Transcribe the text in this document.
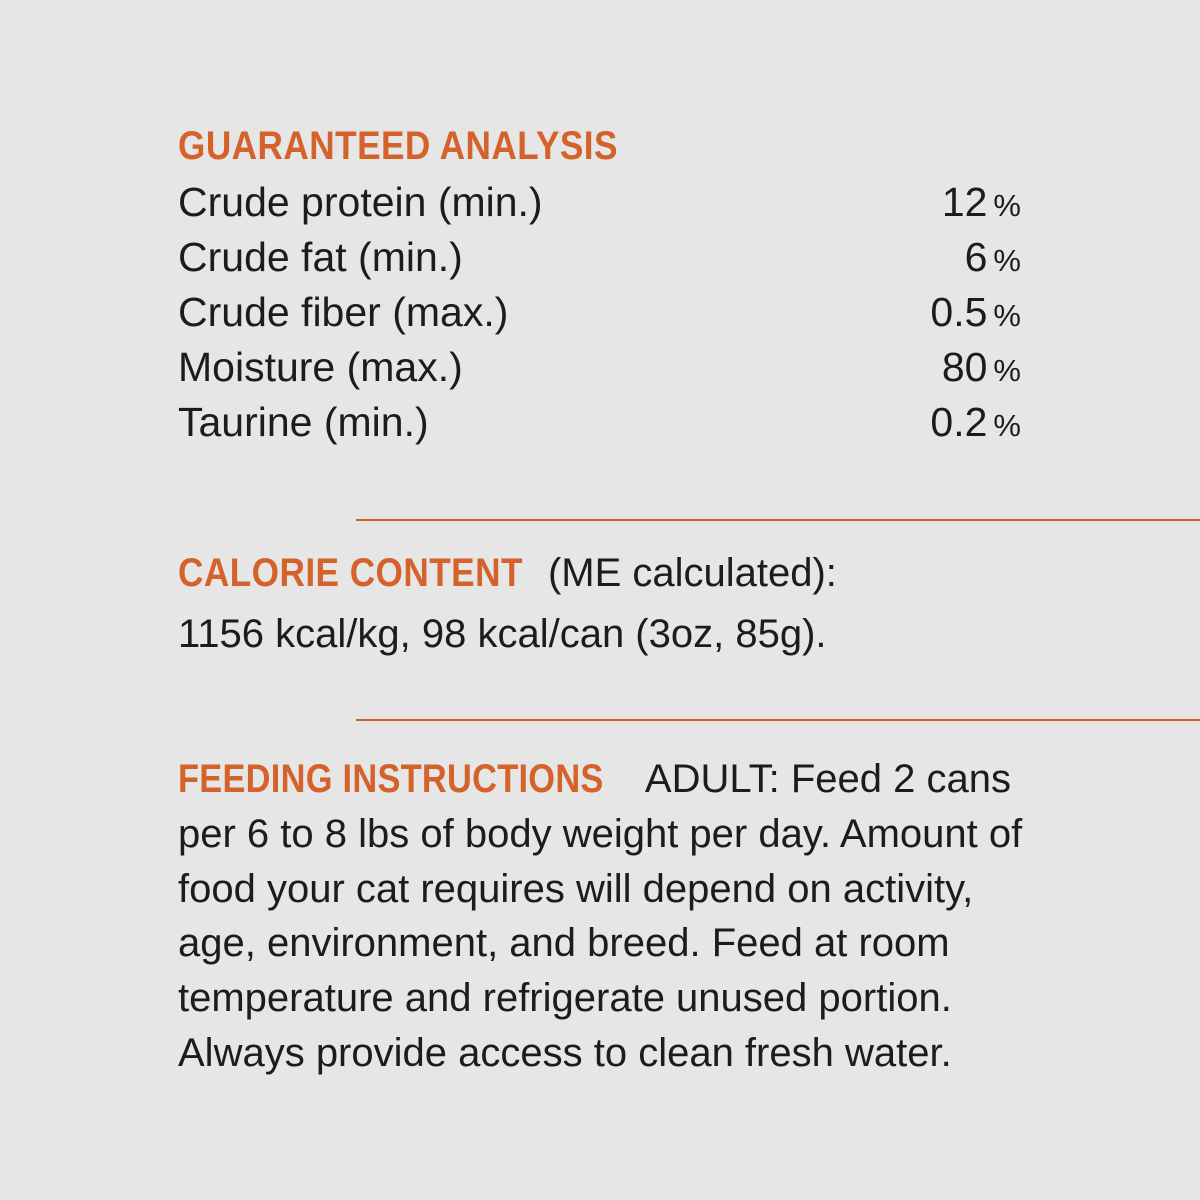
GUARANTEED ANALYSIS
Crude protein (min.)	12 %
Crude fat (min.)	6 %
Crude fiber (max.)	0.5 %
Moisture (max.)	80 %
Taurine (min.)	0.2 %
CALORIE CONTENT (ME calculated):
1156 kcal/kg, 98 kcal/can (3oz, 85g).
FEEDING INSTRUCTIONS ADULT: Feed 2 cans per 6 to 8 lbs of body weight per day. Amount of food your cat requires will depend on activity, age, environment, and breed. Feed at room temperature and refrigerate unused portion. Always provide access to clean fresh water.
